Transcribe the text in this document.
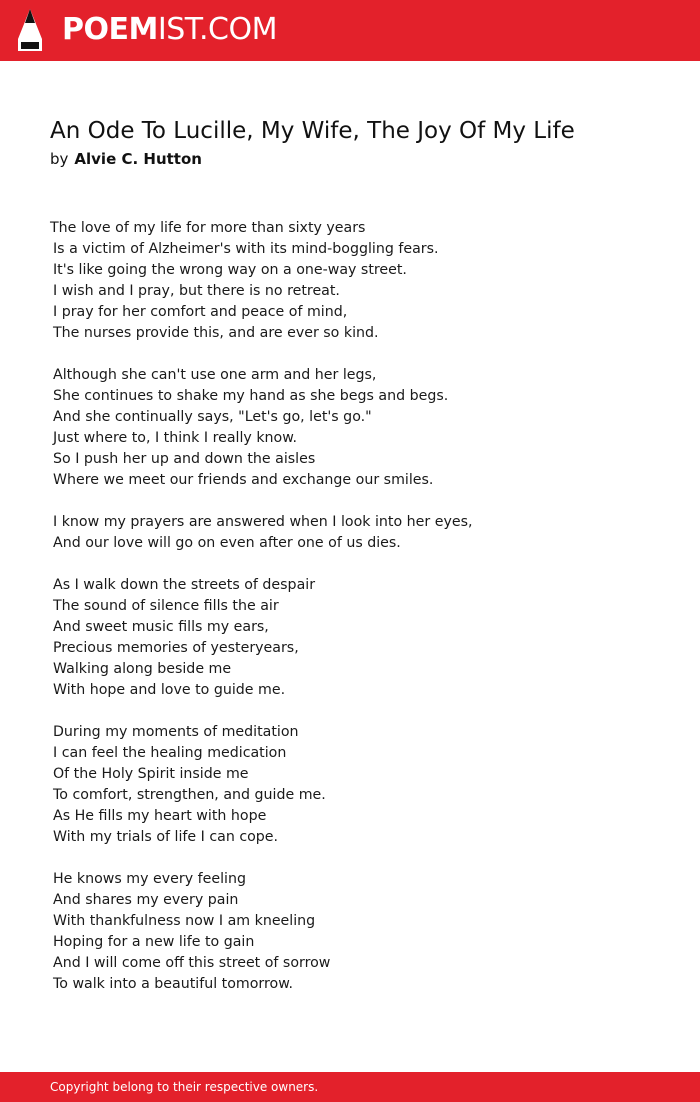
POEMIST.COM
An Ode To Lucille, My Wife, The Joy Of My Life
by Alvie C. Hutton
The love of my life for more than sixty years
Is a victim of Alzheimer's with its mind-boggling fears.
It's like going the wrong way on a one-way street.
I wish and I pray, but there is no retreat.
I pray for her comfort and peace of mind,
The nurses provide this, and are ever so kind.
Although she can't use one arm and her legs,
She continues to shake my hand as she begs and begs.
And she continually says, "Let's go, let's go."
Just where to, I think I really know.
So I push her up and down the aisles
Where we meet our friends and exchange our smiles.
I know my prayers are answered when I look into her eyes,
And our love will go on even after one of us dies.
As I walk down the streets of despair
The sound of silence fills the air
And sweet music fills my ears,
Precious memories of yesteryears,
Walking along beside me
With hope and love to guide me.
During my moments of meditation
I can feel the healing medication
Of the Holy Spirit inside me
To comfort, strengthen, and guide me.
As He fills my heart with hope
With my trials of life I can cope.
He knows my every feeling
And shares my every pain
With thankfulness now I am kneeling
Hoping for a new life to gain
And I will come off this street of sorrow
To walk into a beautiful tomorrow.
Copyright belong to their respective owners.
